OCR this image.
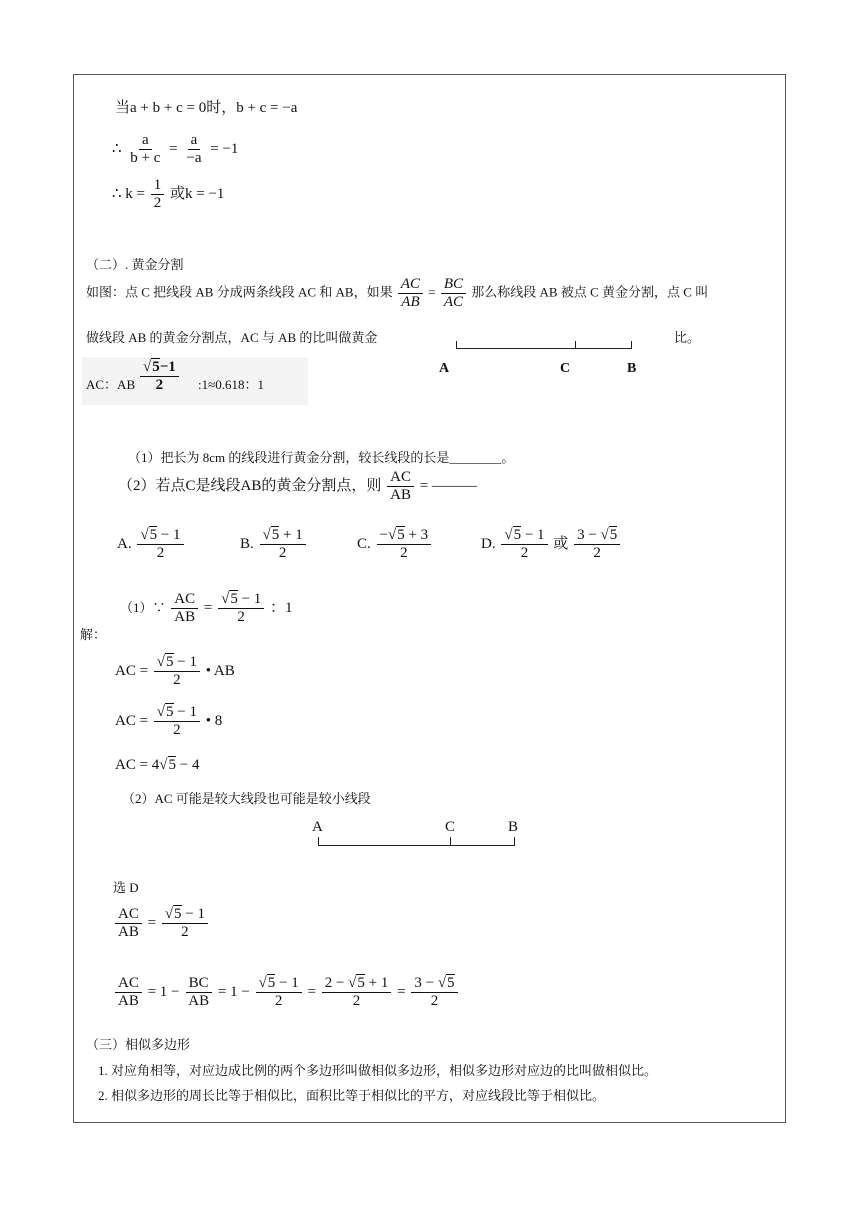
当a + b + c = 0时，b + c = −a
∴ $\frac{a}{b + c} = \frac{a}{-a} = -1$
∴ $k = \frac{1}{2}$ 或k = −1
（二）. 黄金分割
如图：点 C 把线段 AB 分成两条线段 AC 和 AB，如果 $\frac{AC}{AB} = \frac{BC}{AC}$ 那么称线段 AB 被点 C 黄金分割，点 C 叫
做线段 AB 的黄金分割点，AC 与 AB 的比叫做黄金	比。
AC：AB $\frac{√5-1}{2}$ :1≈0.618：1
A	C	B
（1）把长为 8cm 的线段进行黄金分割，较长线段的长是________。
（2）若点C是线段AB的黄金分割点，则 $\frac{AC}{AB}$ = ———
A. $\frac{√5 - 1}{2}$	B. $\frac{√5 + 1}{2}$	C. $\frac{-√5 + 3}{2}$	D. $\frac{√5 - 1}{2}$ 或 $\frac{3 - √5}{2}$
解：
（1）∵ $\frac{AC}{AB} = \frac{√5 - 1}{2}$ ：1
AC = $\frac{√5 - 1}{2}$ • AB
AC = $\frac{√5 - 1}{2}$ • 8
AC = 4√5 − 4
（2）AC 可能是较大线段也可能是较小线段
A	C	B
选 D
$\frac{AC}{AB} = \frac{√5 - 1}{2}$
$\frac{AC}{AB} = 1 - \frac{BC}{AB} = 1 - \frac{√5 - 1}{2} = \frac{2 - √5 + 1}{2} = \frac{3 - √5}{2}$
（三）相似多边形
1. 对应角相等，对应边成比例的两个多边形叫做相似多边形，相似多边形对应边的比叫做相似比。
2. 相似多边形的周长比等于相似比，面积比等于相似比的平方，对应线段比等于相似比。
